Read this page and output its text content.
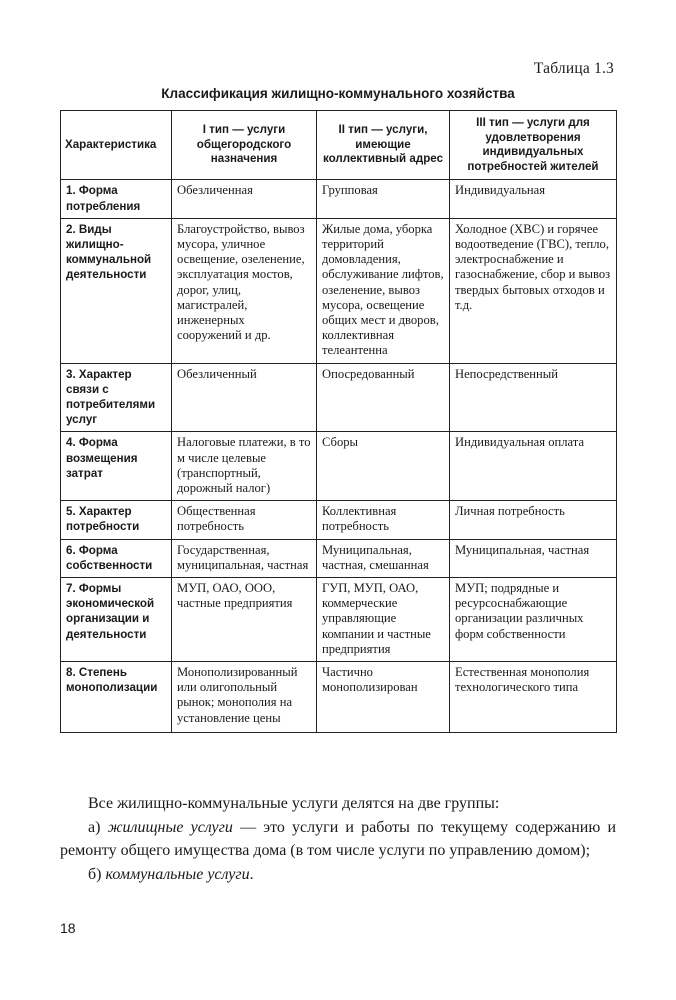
Таблица 1.3
Классификация жилищно-коммунального хозяйства
Характеристика	I тип — услуги общегородского назначения	II тип — услуги, имеющие коллективный адрес	III тип — услуги для удовлетворения индивидуальных потребностей жителей
1. Форма потребления	Обезличенная	Групповая	Индивидуальная
2. Виды жилищно-коммунальной деятельности	Благоустройство, вывоз мусора, уличное освещение, озеленение, эксплуатация мостов, дорог, улиц, магистралей, инженерных сооружений и др.	Жилые дома, уборка территорий домовладения, обслуживание лифтов, озеленение, вывоз мусора, освещение общих мест и дворов, коллективная телеантенна	Холодное (ХВС) и горячее водоотведение (ГВС), тепло, электроснабжение и газоснабжение, сбор и вывоз твердых бытовых отходов и т.д.
3. Характер связи с потребителями услуг	Обезличенный	Опосредованный	Непосредственный
4. Форма возмещения затрат	Налоговые платежи, в то м числе целевые (транспортный, дорожный налог)	Сборы	Индивидуальная оплата
5. Характер потребности	Общественная потребность	Коллективная потребность	Личная потребность
6. Форма собственности	Государственная, муниципальная, частная	Муниципальная, частная, смешанная	Муниципальная, частная
7. Формы экономической организации и деятельности	МУП, ОАО, ООО, частные предприятия	ГУП, МУП, ОАО, коммерческие управляющие компании и частные предприятия	МУП; подрядные и ресурсоснабжающие организации различных форм собственности
8. Степень монополизации	Монополизированный или олигопольный рынок; монополия на установление цены	Частично монополизирован	Естественная монополия технологического типа

Все жилищно-коммунальные услуги делятся на две группы:

а) жилищные услуги — это услуги и работы по текущему содержанию и ремонту общего имущества дома (в том числе услуги по управлению домом);

б) коммунальные услуги.

18
